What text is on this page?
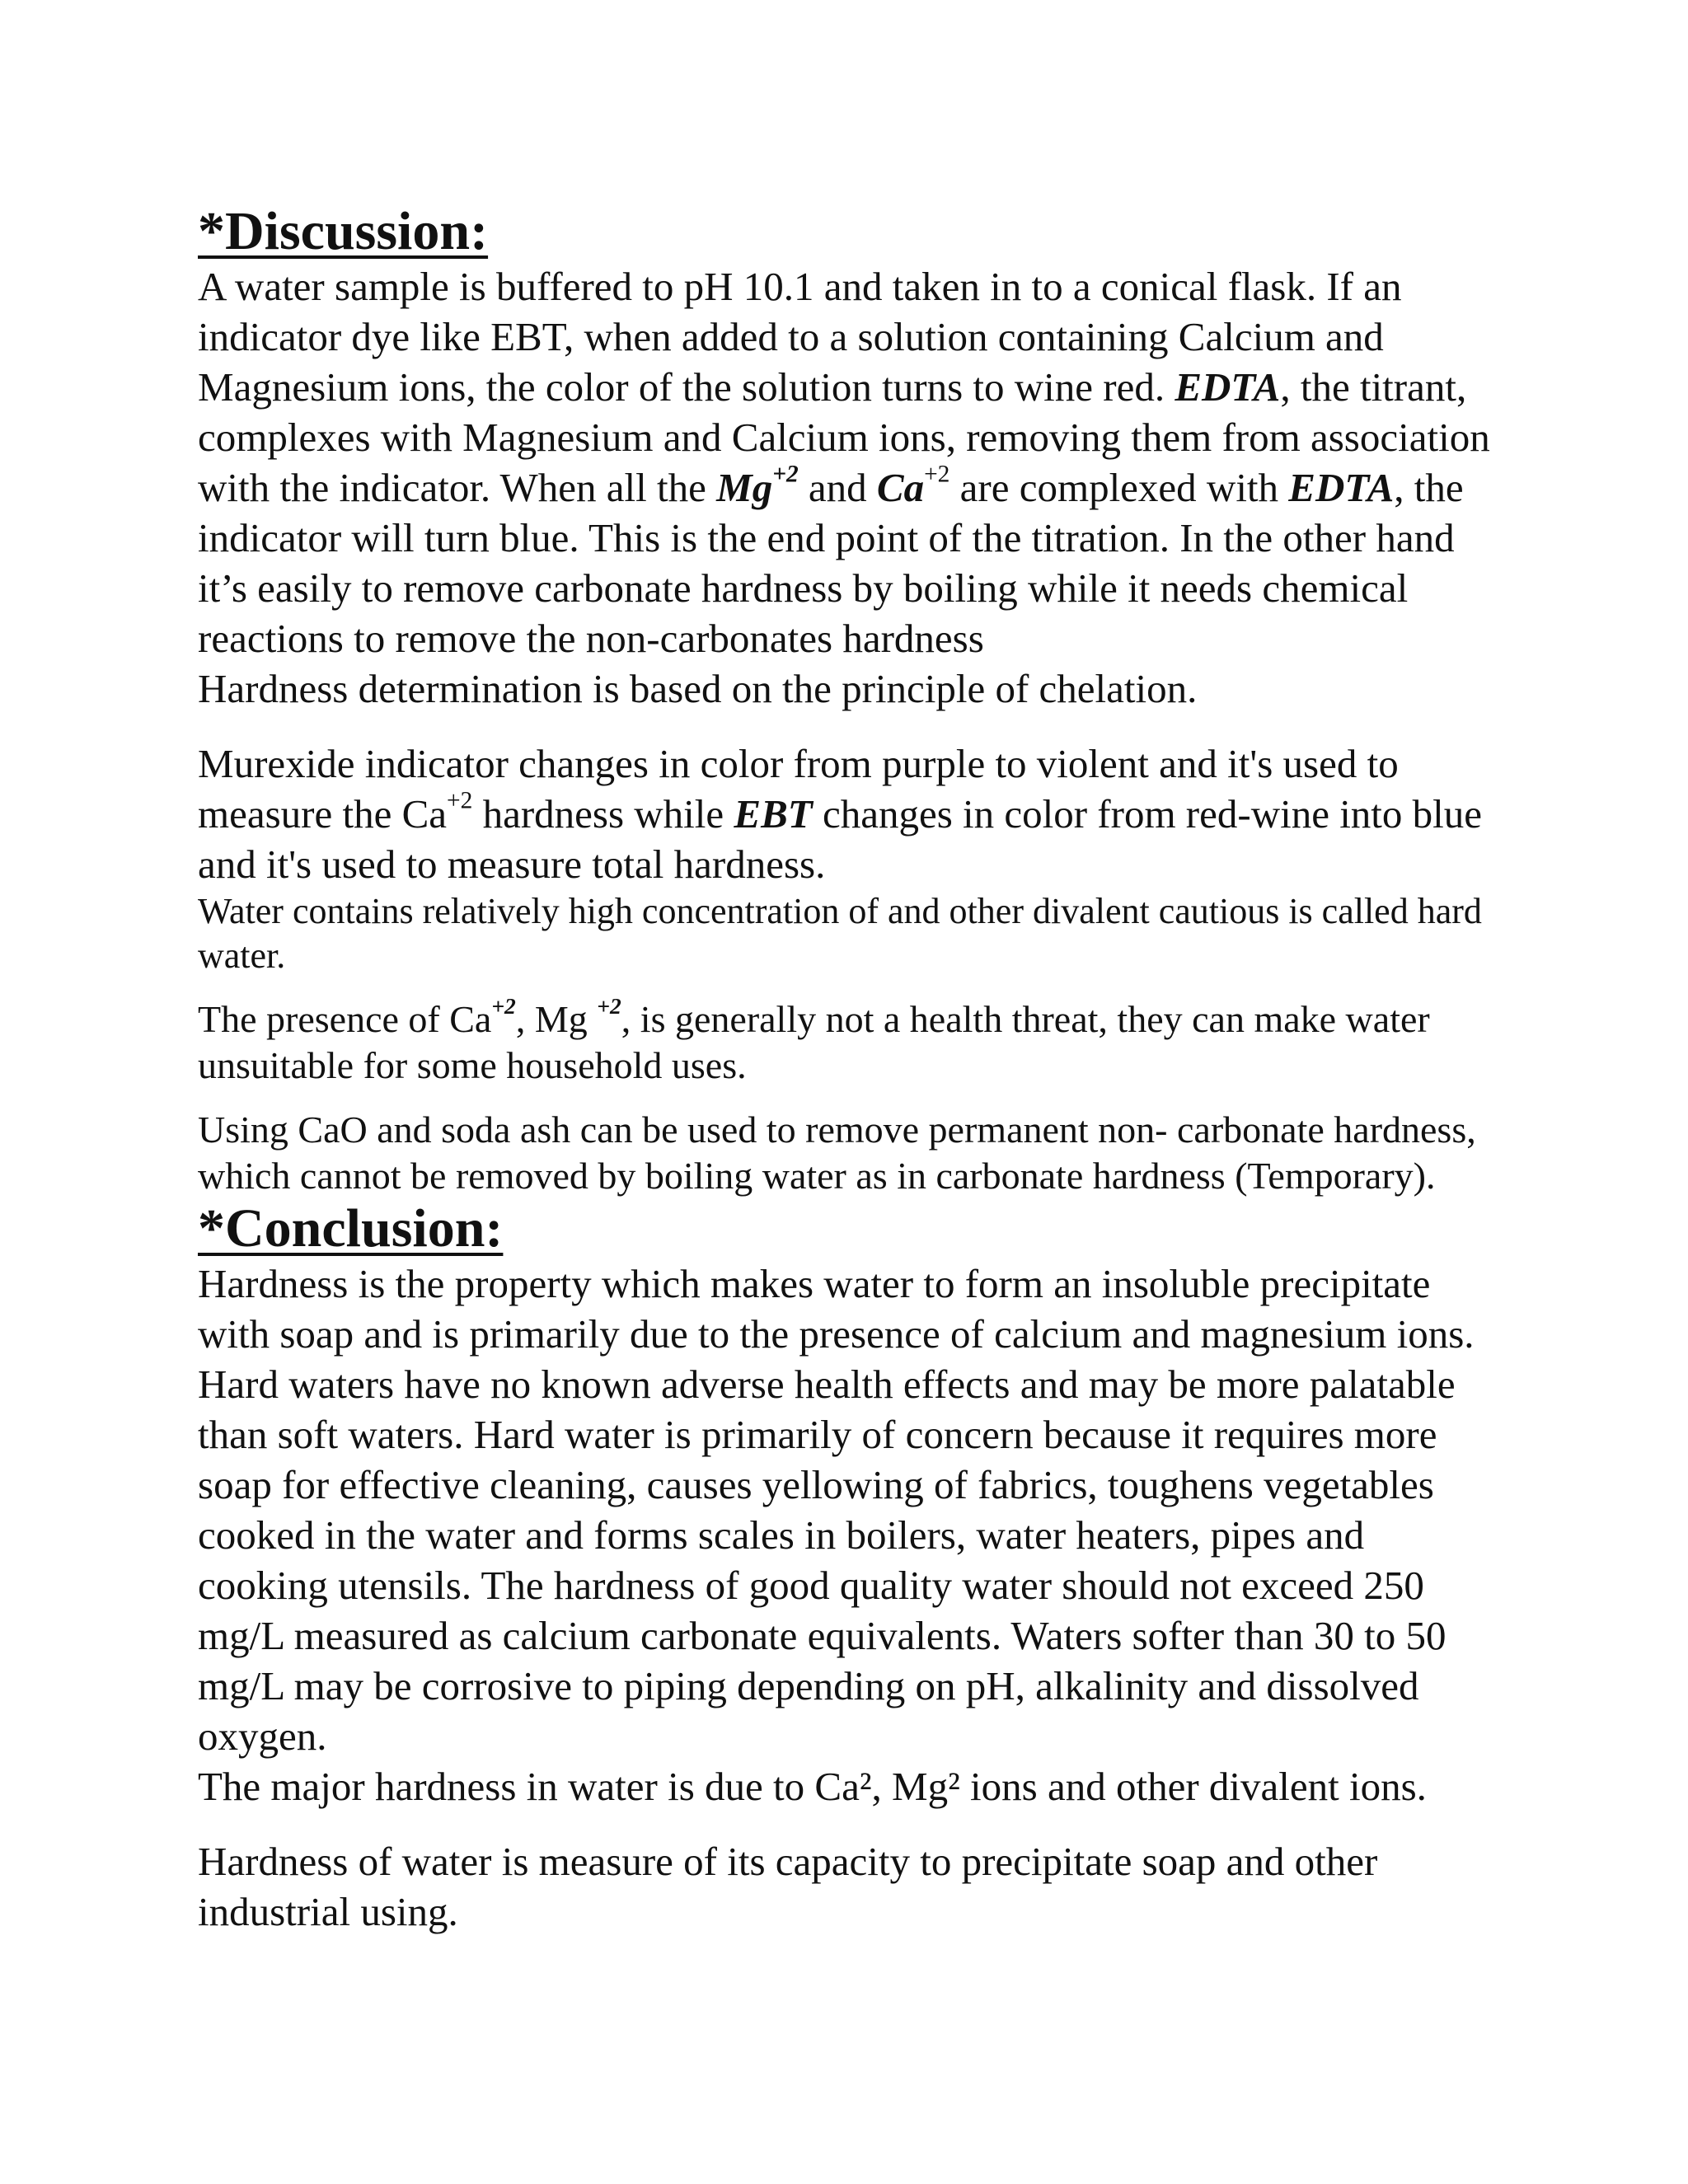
*Discussion:

A water sample is buffered to pH 10.1 and taken in to a conical flask. If an indicator dye like EBT, when added to a solution containing Calcium and Magnesium ions, the color of the solution turns to wine red. EDTA, the titrant, complexes with Magnesium and Calcium ions, removing them from association with the indicator. When all the $Mg^{+2}$ and $Ca^{+2}$ are complexed with EDTA, the indicator will turn blue. This is the end point of the titration. In the other hand it’s easily to remove carbonate hardness by boiling while it needs chemical reactions to remove the non-carbonates hardness

Hardness determination is based on the principle of chelation.

Murexide indicator changes in color from purple to violent and it's used to measure the $Ca^{+2}$ hardness while EBT changes in color from red-wine into blue and it's used to measure total hardness.

Water contains relatively high concentration of and other divalent cautious is called hard water.

The presence of $Ca^{+2}$, Mg $^{+2}$, is generally not a health threat, they can make water unsuitable for some household uses.

Using CaO and soda ash can be used to remove permanent non- carbonate hardness, which cannot be removed by boiling water as in carbonate hardness (Temporary).

*Conclusion:

Hardness is the property which makes water to form an insoluble precipitate with soap and is primarily due to the presence of calcium and magnesium ions. Hard waters have no known adverse health effects and may be more palatable than soft waters. Hard water is primarily of concern because it requires more soap for effective cleaning, causes yellowing of fabrics, toughens vegetables cooked in the water and forms scales in boilers, water heaters, pipes and cooking utensils. The hardness of good quality water should not exceed 250 mg/L measured as calcium carbonate equivalents. Waters softer than 30 to 50 mg/L may be corrosive to piping depending on pH, alkalinity and dissolved oxygen.

The major hardness in water is due to Ca², Mg² ions and other divalent ions.

Hardness of water is measure of its capacity to precipitate soap and other industrial using.
